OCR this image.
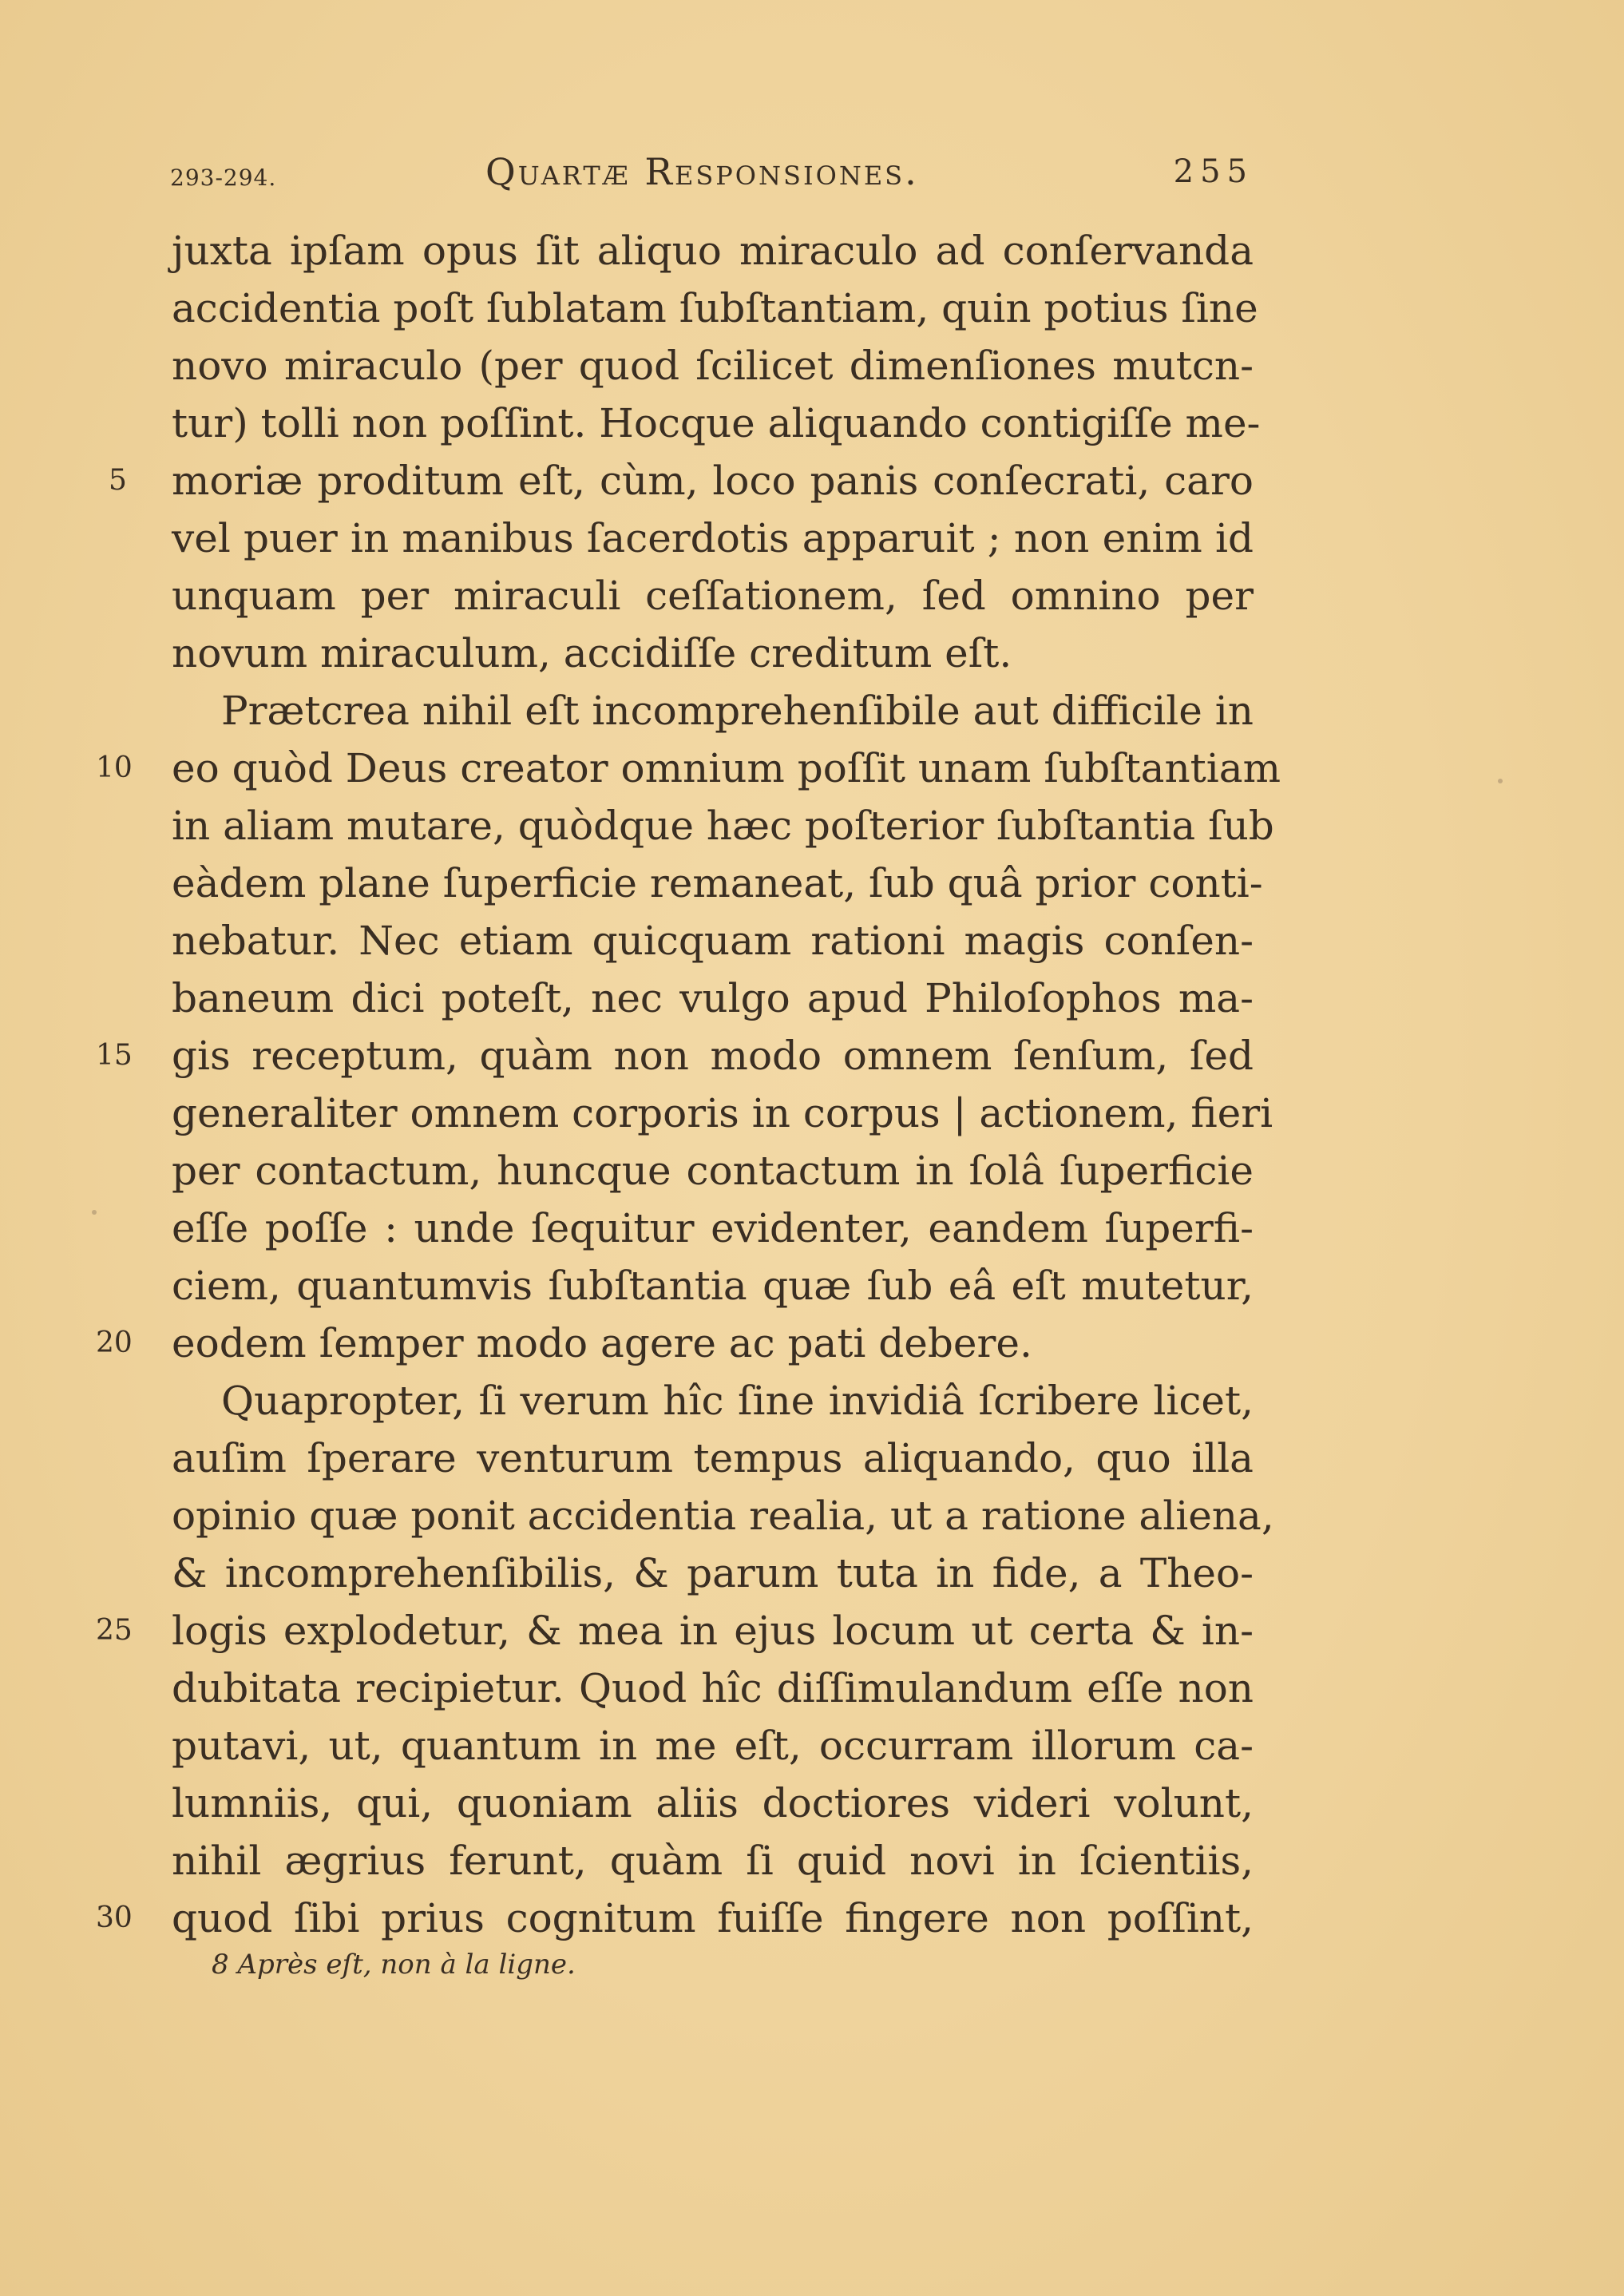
293-294.	Quartæ Responsiones.	255
juxta ipſam opus ſit aliquo miraculo ad conſervanda
accidentia poſt ſublatam ſubſtantiam, quin potius ſine
novo miraculo (per quod ſcilicet dimenſiones mutcn-
tur) tolli non poſſint. Hocque aliquando contigiſſe me-
moriæ proditum eſt, cùm, loco panis conſecrati, caro
vel puer in manibus ſacerdotis apparuit ; non enim id
unquam per miraculi ceſſationem, ſed omnino per
novum miraculum, accidiſſe creditum eſt.
Prætcrea nihil eſt incomprehenſibile aut difficile in
eo quòd Deus creator omnium poſſit unam ſubſtantiam
in aliam mutare, quòdque hæc poſterior ſubſtantia ſub
eàdem plane ſuperficie remaneat, ſub quâ prior conti-
nebatur. Nec etiam quicquam rationi magis conſen-
baneum dici poteſt, nec vulgo apud Philoſophos ma-
gis receptum, quàm non modo omnem ſenſum, ſed
generaliter omnem corporis in corpus | actionem, fieri
per contactum, huncque contactum in ſolâ ſuperficie
eſſe poſſe : unde ſequitur evidenter, eandem ſuperfi-
ciem, quantumvis ſubſtantia quæ ſub eâ eſt mutetur,
eodem ſemper modo agere ac pati debere.
Quapropter, ſi verum hîc ſine invidiâ ſcribere licet,
auſim ſperare venturum tempus aliquando, quo illa
opinio quæ ponit accidentia realia, ut a ratione aliena,
& incomprehenſibilis, & parum tuta in fide, a Theo-
logis explodetur, & mea in ejus locum ut certa & in-
dubitata recipietur. Quod hîc diſſimulandum eſſe non
putavi, ut, quantum in me eſt, occurram illorum ca-
lumniis, qui, quoniam aliis doctiores videri volunt,
nihil ægrius ferunt, quàm ſi quid novi in ſcientiis,
quod ſibi prius cognitum fuiſſe fingere non poſſint,
5
10
15
20
25
30
8 Après eſt, non à la ligne.
